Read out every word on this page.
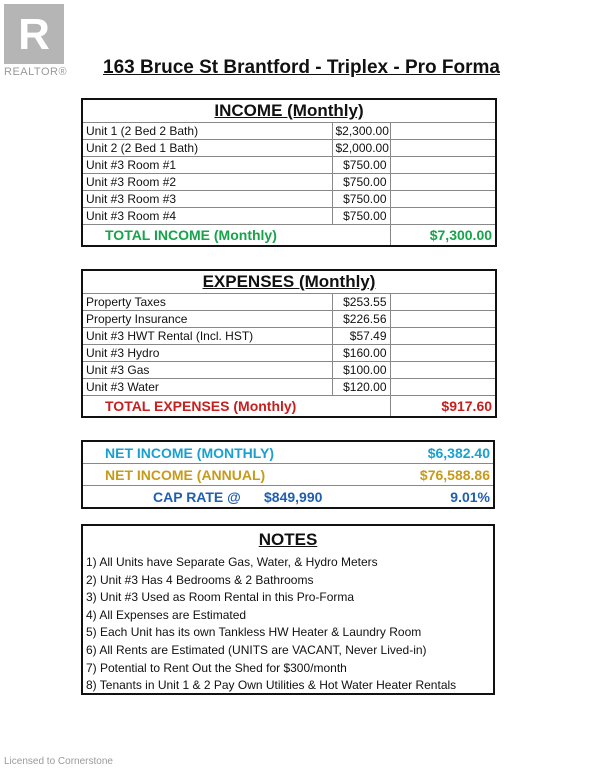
R
REALTOR® 163 Bruce St Brantford - Triplex - Pro Forma
INCOME (Monthly)		
Unit 1 (2 Bed 2 Bath)	$2,300.00	
Unit 2 (2 Bed 1 Bath)	$2,000.00	
Unit #3 Room #1	$750.00	
Unit #3 Room #2	$750.00	
Unit #3 Room #3	$750.00	
Unit #3 Room #4	$750.00	
TOTAL INCOME (Monthly)		$7,300.00
EXPENSES (Monthly)		
Property Taxes	$253.55	
Property Insurance	$226.56	
Unit #3 HWT Rental (Incl. HST)	$57.49	
Unit #3 Hydro	$160.00	
Unit #3 Gas	$100.00	
Unit #3 Water	$120.00	
TOTAL EXPENSES (Monthly)		$917.60
NET INCOME (MONTHLY)	$6,382.40
NET INCOME (ANNUAL)	$76,588.86
CAP RATE @ $849,990	9.01%
NOTES
1) All Units have Separate Gas, Water, & Hydro Meters
2) Unit #3 Has 4 Bedrooms & 2 Bathrooms
3) Unit #3 Used as Room Rental in this Pro-Forma
4) All Expenses are Estimated
5) Each Unit has its own Tankless HW Heater & Laundry Room
6) All Rents are Estimated (UNITS are VACANT, Never Lived-in)
7) Potential to Rent Out the Shed for $300/month
8) Tenants in Unit 1 & 2 Pay Own Utilities & Hot Water Heater Rentals
Licensed to Cornerstone
